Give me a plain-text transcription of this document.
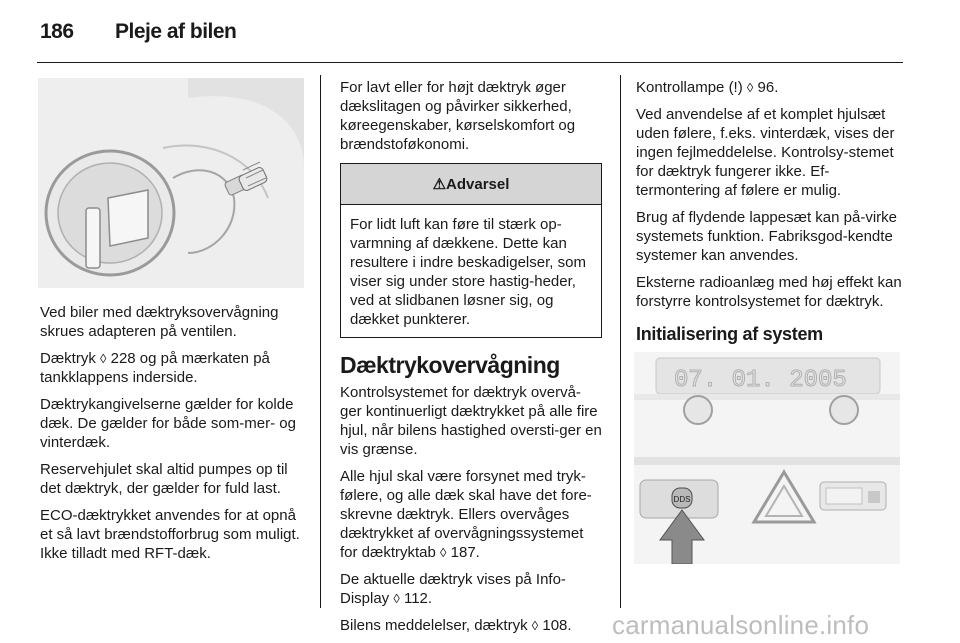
186 Pleje af bilen

Ved biler med dæktryksovervågning skrues adapteren på ventilen.

Dæktryk ◊ 228 og på mærkaten på tankklappens inderside.

Dæktrykangivelserne gælder for kolde dæk. De gælder for både som‐mer- og vinterdæk.

Reservehjulet skal altid pumpes op til det dæktryk, der gælder for fuld last.

ECO-dæktrykket anvendes for at opnå et så lavt brændstofforbrug som muligt. Ikke tilladt med RFT-dæk.

For lavt eller for højt dæktryk øger dækslitagen og påvirker sikkerhed, køreegenskaber, kørselskomfort og brændstoføkonomi.

⚠Advarsel

For lidt luft kan føre til stærk op‐varmning af dækkene. Dette kan resultere i indre beskadigelser, som viser sig under store hastig‐heder, ved at slidbanen løsner sig, og dækket punkterer.

Dæktrykovervågning

Kontrolsystemet for dæktryk overvå‐ger kontinuerligt dæktrykket på alle fire hjul, når bilens hastighed oversti‐ger en vis grænse.

Alle hjul skal være forsynet med tryk‐følere, og alle dæk skal have det fore‐skrevne dæktryk. Ellers overvåges dæktrykket af overvågningssystemet for dæktryktab ◊ 187.

De aktuelle dæktryk vises på Info-Display ◊ 112.

Bilens meddelelser, dæktryk ◊ 108.

Kontrollampe (!) ◊ 96.

Ved anvendelse af et komplet hjulsæt uden følere, f.eks. vinterdæk, vises der ingen fejlmeddelelse. Kontrolsy‐stemet for dæktryk fungerer ikke. Ef‐termontering af følere er mulig.

Brug af flydende lappesæt kan på‐virke systemets funktion. Fabriksgod‐kendte systemer kan anvendes.

Eksterne radioanlæg med høj effekt kan forstyrre kontrolsystemet for dæktryk.

Initialisering af system
07. 01. 2005
DDS
carmanualsonline.info
